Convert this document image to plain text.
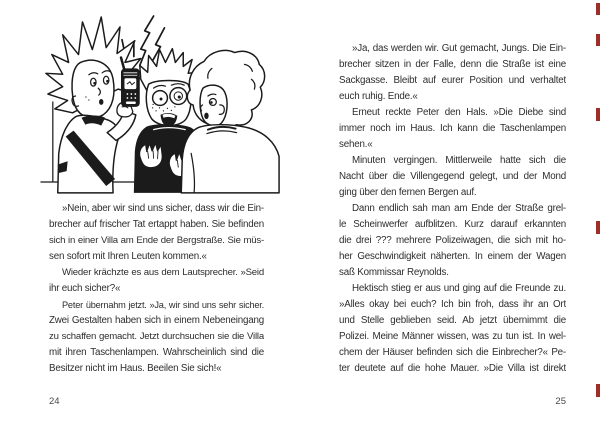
»Nein, aber wir sind uns sicher, dass wir die Ein-
brecher auf frischer Tat ertappt haben. Sie befinden
sich in einer Villa am Ende der Bergstraße. Sie müs-
sen sofort mit Ihren Leuten kommen.«
Wieder krächzte es aus dem Lautsprecher. »Seid
ihr euch sicher?«
Peter übernahm jetzt. »Ja, wir sind uns sehr sicher.
Zwei Gestalten haben sich in einem Nebeneingang
zu schaffen gemacht. Jetzt durchsuchen sie die Villa
mit ihren Taschenlampen. Wahrscheinlich sind die
Besitzer nicht im Haus. Beeilen Sie sich!«
24
»Ja, das werden wir. Gut gemacht, Jungs. Die Ein-
brecher sitzen in der Falle, denn die Straße ist eine
Sackgasse. Bleibt auf eurer Position und verhaltet
euch ruhig. Ende.«
Erneut reckte Peter den Hals. »Die Diebe sind
immer noch im Haus. Ich kann die Taschenlampen
sehen.«
Minuten vergingen. Mittlerweile hatte sich die
Nacht über die Villengegend gelegt, und der Mond
ging über den fernen Bergen auf.
Dann endlich sah man am Ende der Straße grel-
le Scheinwerfer aufblitzen. Kurz darauf erkannten
die drei ??? mehrere Polizeiwagen, die sich mit ho-
her Geschwindigkeit näherten. In einem der Wagen
saß Kommissar Reynolds.
Hektisch stieg er aus und ging auf die Freunde zu.
»Alles okay bei euch? Ich bin froh, dass ihr an Ort
und Stelle geblieben seid. Ab jetzt übernimmt die
Polizei. Meine Männer wissen, was zu tun ist. In wel-
chem der Häuser befinden sich die Einbrecher?« Pe-
ter deutete auf die hohe Mauer. »Die Villa ist direkt
25
